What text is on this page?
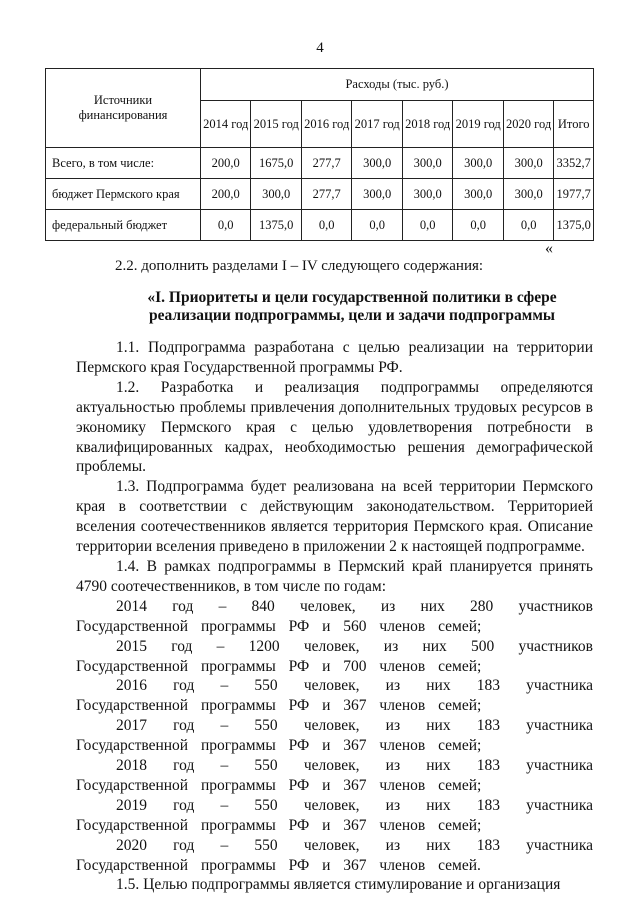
4
Источники финансирования	Расходы (тыс. руб.)							
	2014 год	2015 год	2016 год	2017 год	2018 год	2019 год	2020 год	Итого
Всего, в том числе:	200,0	1675,0	277,7	300,0	300,0	300,0	300,0	3352,7
бюджет Пермского края	200,0	300,0	277,7	300,0	300,0	300,0	300,0	1977,7
федеральный бюджет	0,0	1375,0	0,0	0,0	0,0	0,0	0,0	1375,0
«
2.2. дополнить разделами I – IV следующего содержания:
«I. Приоритеты и цели государственной политики в сфере реализации подпрограммы, цели и задачи подпрограммы

1.1. Подпрограмма разработана с целью реализации на территории Пермского края Государственной программы РФ.

1.2. Разработка и реализация подпрограммы определяются актуальностью проблемы привлечения дополнительных трудовых ресурсов в экономику Пермского края с целью удовлетворения потребности в квалифицированных кадрах, необходимостью решения демографической проблемы.

1.3. Подпрограмма будет реализована на всей территории Пермского края в соответствии с действующим законодательством. Территорией вселения соотечественников является территория Пермского края. Описание территории вселения приведено в приложении 2 к настоящей подпрограмме.

1.4. В рамках подпрограммы в Пермский край планируется принять 4790 соотечественников, в том числе по годам:

2014 год – 840 человек, из них 280 участников Государственной программы РФ и 560 членов семей;

2015 год – 1200 человек, из них 500 участников Государственной программы РФ и 700 членов семей;

2016 год – 550 человек, из них 183 участника Государственной программы РФ и 367 членов семей;

2017 год – 550 человек, из них 183 участника Государственной программы РФ и 367 членов семей;

2018 год – 550 человек, из них 183 участника Государственной программы РФ и 367 членов семей;

2019 год – 550 человек, из них 183 участника Государственной программы РФ и 367 членов семей;

2020 год – 550 человек, из них 183 участника Государственной программы РФ и 367 членов семей.

1.5. Целью подпрограммы является стимулирование и организация
